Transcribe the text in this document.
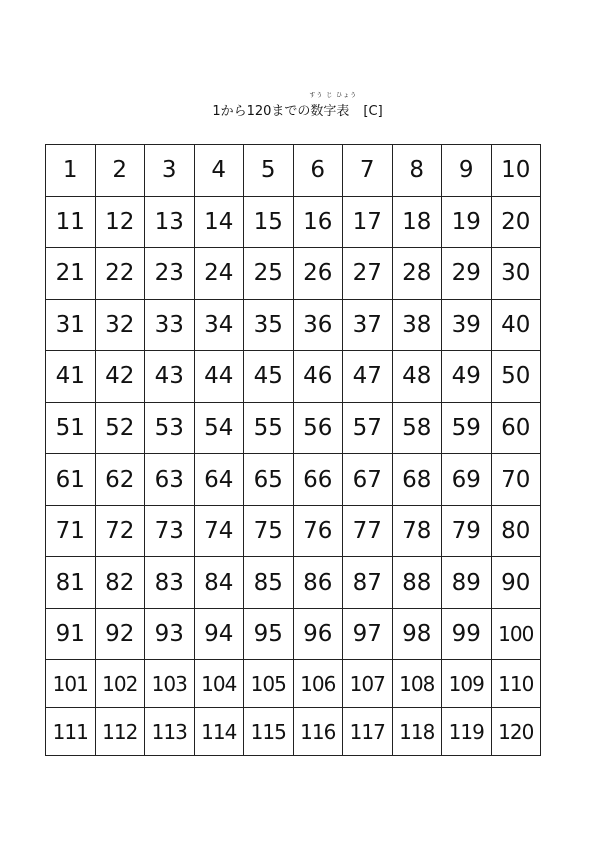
すう じ ひょう
1から120までの数字表 [C]
1	2	3	4	5	6	7	8	9	10
11	12	13	14	15	16	17	18	19	20
21	22	23	24	25	26	27	28	29	30
31	32	33	34	35	36	37	38	39	40
41	42	43	44	45	46	47	48	49	50
51	52	53	54	55	56	57	58	59	60
61	62	63	64	65	66	67	68	69	70
71	72	73	74	75	76	77	78	79	80
81	82	83	84	85	86	87	88	89	90
91	92	93	94	95	96	97	98	99	100
101	102	103	104	105	106	107	108	109	110
111	112	113	114	115	116	117	118	119	120
